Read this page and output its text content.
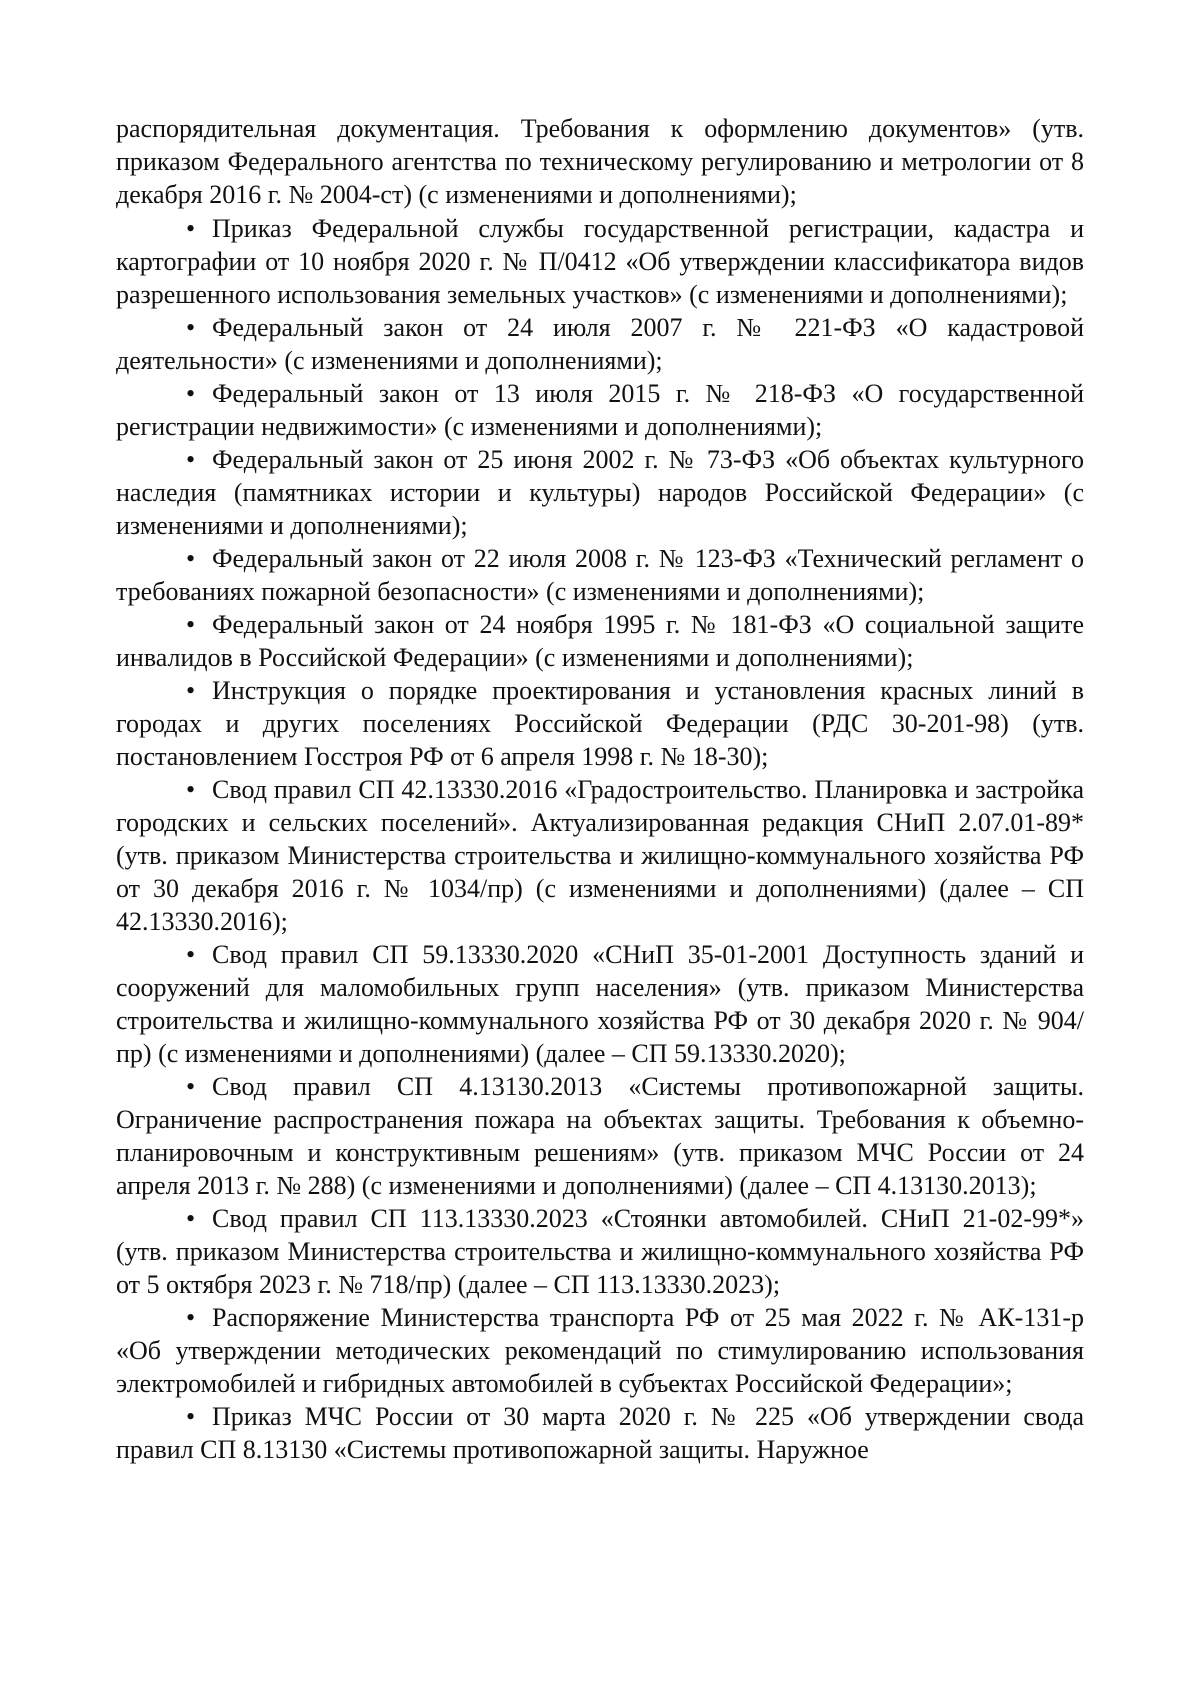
распорядительная документация. Требования к оформлению документов» (утв. приказом Федерального агентства по техническому регулированию и метрологии от 8 декабря 2016 г. № 2004-ст) (с изменениями и дополнениями);

• Приказ Федеральной службы государственной регистрации, кадастра и картографии от 10 ноября 2020 г. № П/0412 «Об утверждении классификатора видов разрешенного использования земельных участков» (с изменениями и дополнениями);

• Федеральный закон от 24 июля 2007 г. № 221-ФЗ «О кадастровой деятельности» (с изменениями и дополнениями);

• Федеральный закон от 13 июля 2015 г. № 218-ФЗ «О государственной регистрации недвижимости» (с изменениями и дополнениями);

• Федеральный закон от 25 июня 2002 г. № 73-ФЗ «Об объектах культурного наследия (памятниках истории и культуры) народов Российской Федерации» (с изменениями и дополнениями);

• Федеральный закон от 22 июля 2008 г. № 123-ФЗ «Технический регламент о требованиях пожарной безопасности» (с изменениями и дополнениями);

• Федеральный закон от 24 ноября 1995 г. № 181-ФЗ «О социальной защите инвалидов в Российской Федерации» (с изменениями и дополнениями);

• Инструкция о порядке проектирования и установления красных линий в городах и других поселениях Российской Федерации (РДС 30-201-98) (утв. постановлением Госстроя РФ от 6 апреля 1998 г. № 18-30);

• Свод правил СП 42.13330.2016 «Градостроительство. Планировка и застройка городских и сельских поселений». Актуализированная редакция СНиП 2.07.01-89* (утв. приказом Министерства строительства и жилищно-коммунального хозяйства РФ от 30 декабря 2016 г. № 1034/пр) (с изменениями и дополнениями) (далее – СП 42.13330.2016);

• Свод правил СП 59.13330.2020 «СНиП 35-01-2001 Доступность зданий и сооружений для маломобильных групп населения» (утв. приказом Министерства строительства и жилищно-коммунального хозяйства РФ от 30 декабря 2020 г. № 904/пр) (с изменениями и дополнениями) (далее – СП 59.13330.2020);

• Свод правил СП 4.13130.2013 «Системы противопожарной защиты. Ограничение распространения пожара на объектах защиты. Требования к объемно-планировочным и конструктивным решениям» (утв. приказом МЧС России от 24 апреля 2013 г. № 288) (с изменениями и дополнениями) (далее – СП 4.13130.2013);

• Свод правил СП 113.13330.2023 «Стоянки автомобилей. СНиП 21-02-99*» (утв. приказом Министерства строительства и жилищно-коммунального хозяйства РФ от 5 октября 2023 г. № 718/пр) (далее – СП 113.13330.2023);

• Распоряжение Министерства транспорта РФ от 25 мая 2022 г. № АК-131-р «Об утверждении методических рекомендаций по стимулированию использования электромобилей и гибридных автомобилей в субъектах Российской Федерации»;

• Приказ МЧС России от 30 марта 2020 г. № 225 «Об утверждении свода правил СП 8.13130 «Системы противопожарной защиты. Наружное
